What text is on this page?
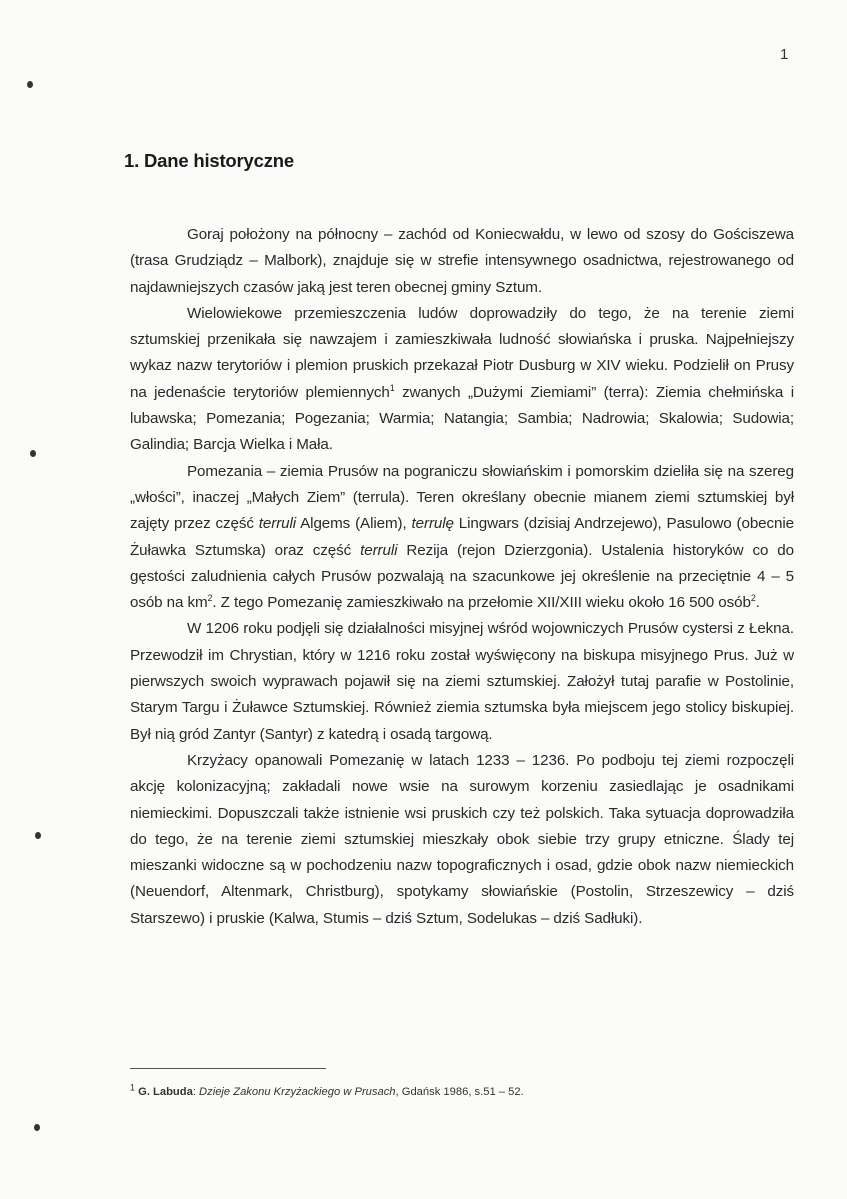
1
1. Dane historyczne

Goraj położony na północny – zachód od Koniecwałdu, w lewo od szosy do Gościszewa (trasa Grudziądz – Malbork), znajduje się w strefie intensywnego osadnictwa, rejestrowanego od najdawniejszych czasów jaką jest teren obecnej gminy Sztum.

Wielowiekowe przemieszczenia ludów doprowadziły do tego, że na terenie ziemi sztumskiej przenikała się nawzajem i zamieszkiwała ludność słowiańska i pruska. Najpełniejszy wykaz nazw terytoriów i plemion pruskich przekazał Piotr Dusburg w XIV wieku. Podzielił on Prusy na jedenaście terytoriów plemiennych$^1$ zwanych „Dużymi Ziemiami” (terra): Ziemia chełmińska i lubawska; Pomezania; Pogezania; Warmia; Natangia; Sambia; Nadrowia; Skalowia; Sudowia; Galindia; Barcja Wielka i Mała.

Pomezania – ziemia Prusów na pograniczu słowiańskim i pomorskim dzieliła się na szereg „włości”, inaczej „Małych Ziem” (terrula). Teren określany obecnie mianem ziemi sztumskiej był zajęty przez część terruli Algems (Aliem), terrulę Lingwars (dzisiaj Andrzejewo), Pasulowo (obecnie Żuławka Sztumska) oraz część terruli Rezija (rejon Dzierzgonia). Ustalenia historyków co do gęstości zaludnienia całych Prusów pozwalają na szacunkowe jej określenie na przeciętnie 4 – 5 osób na $km^2$. Z tego Pomezanię zamieszkiwało na przełomie XII/XIII wieku około 16 500 osób$^2$.

W 1206 roku podjęli się działalności misyjnej wśród wojowniczych Prusów cystersi z Łekna. Przewodził im Chrystian, który w 1216 roku został wyświęcony na biskupa misyjnego Prus. Już w pierwszych swoich wyprawach pojawił się na ziemi sztumskiej. Założył tutaj parafie w Postolinie, Starym Targu i Żuławce Sztumskiej. Również ziemia sztumska była miejscem jego stolicy biskupiej. Był nią gród Zantyr (Santyr) z katedrą i osadą targową.

Krzyżacy opanowali Pomezanię w latach 1233 – 1236. Po podboju tej ziemi rozpoczęli akcję kolonizacyjną; zakładali nowe wsie na surowym korzeniu zasiedlając je osadnikami niemieckimi. Dopuszczali także istnienie wsi pruskich czy też polskich. Taka sytuacja doprowadziła do tego, że na terenie ziemi sztumskiej mieszkały obok siebie trzy grupy etniczne. Ślady tej mieszanki widoczne są w pochodzeniu nazw topograficznych i osad, gdzie obok nazw niemieckich (Neuendorf, Altenmark, Christburg), spotykamy słowiańskie (Postolin, Strzeszewicy – dziś Starszewo) i pruskie (Kalwa, Stumis – dziś Sztum, Sodelukas – dziś Sadłuki).

$^1$ G. Labuda: Dzieje Zakonu Krzyżackiego w Prusach, Gdańsk 1986, s.51 – 52.
